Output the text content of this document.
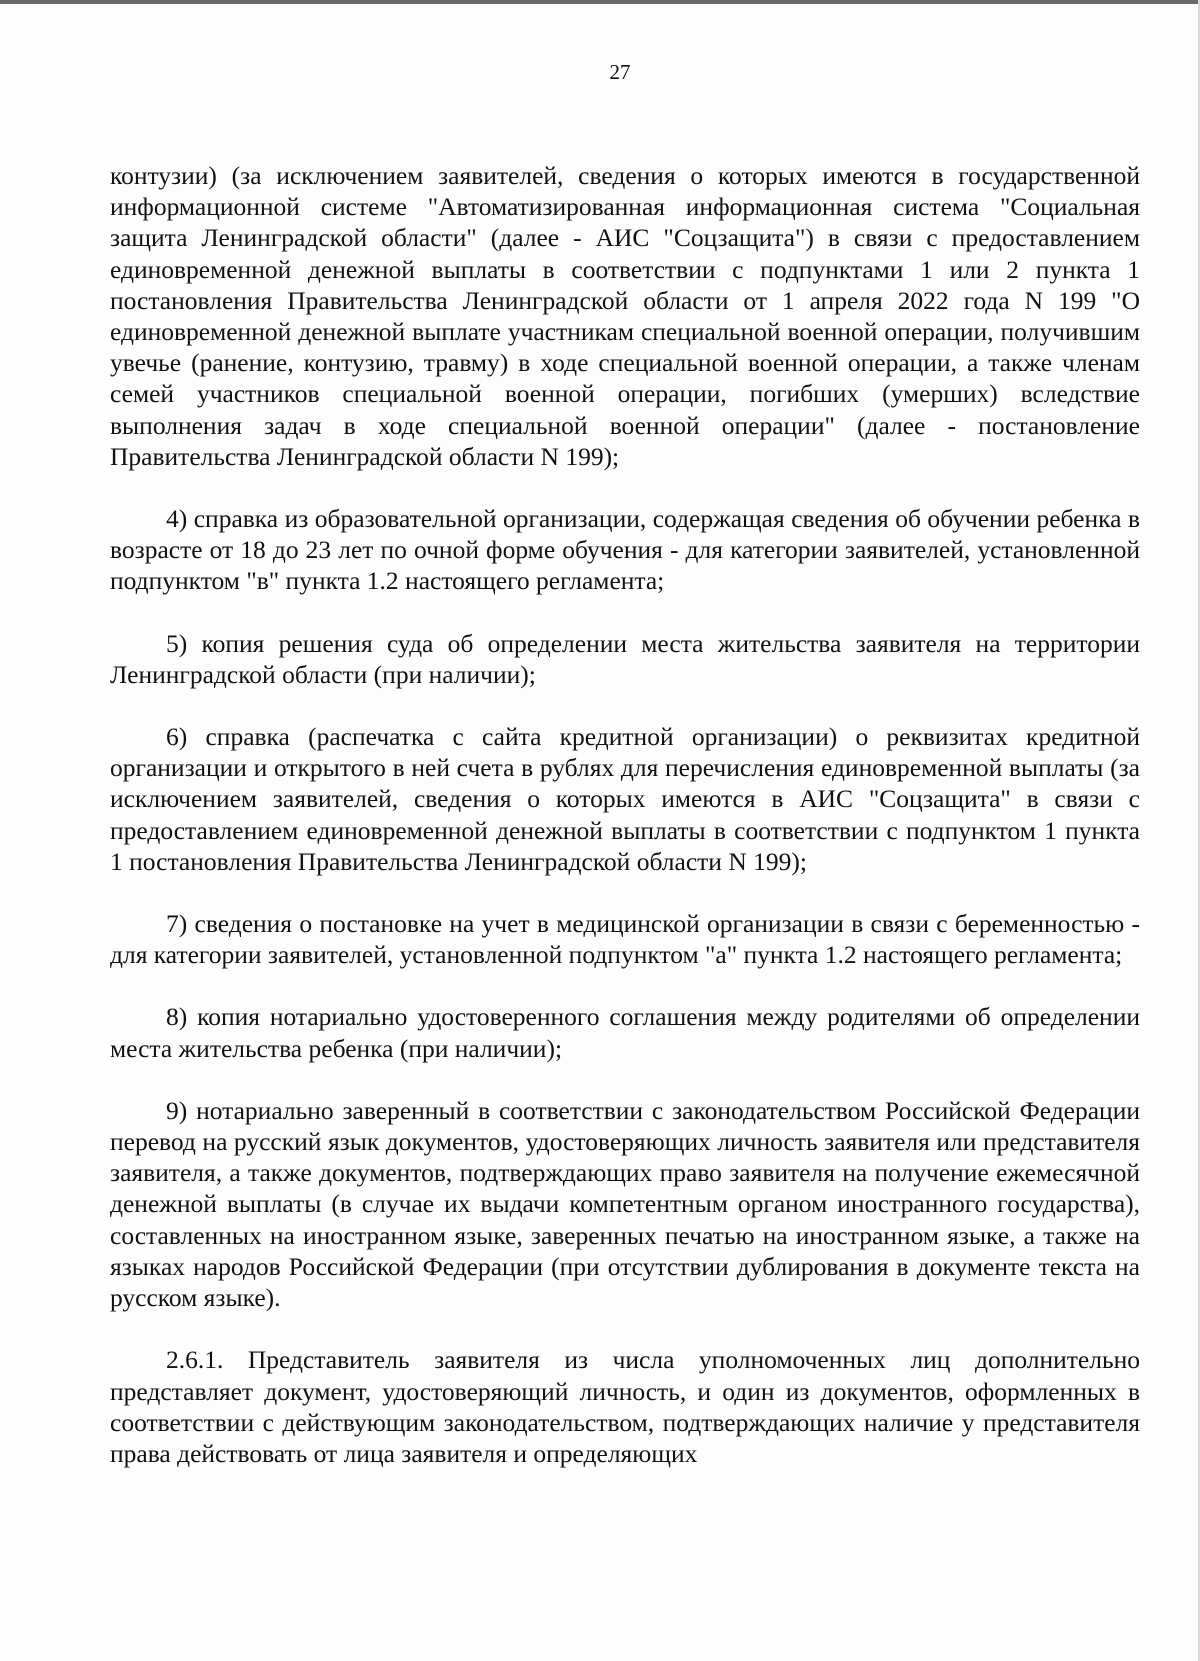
27

контузии) (за исключением заявителей, сведения о которых имеются в государственной информационной системе "Автоматизированная информационная система "Социальная защита Ленинградской области" (далее - АИС "Соцзащита") в связи с предоставлением единовременной денежной выплаты в соответствии с подпунктами 1 или 2 пункта 1 постановления Правительства Ленинградской области от 1 апреля 2022 года N 199 "О единовременной денежной выплате участникам специальной военной операции, получившим увечье (ранение, контузию, травму) в ходе специальной военной операции, а также членам семей участников специальной военной операции, погибших (умерших) вследствие выполнения задач в ходе специальной военной операции" (далее - постановление Правительства Ленинградской области N 199);

4) справка из образовательной организации, содержащая сведения об обучении ребенка в возрасте от 18 до 23 лет по очной форме обучения - для категории заявителей, установленной подпунктом "в" пункта 1.2 настоящего регламента;

5) копия решения суда об определении места жительства заявителя на территории Ленинградской области (при наличии);

6) справка (распечатка с сайта кредитной организации) о реквизитах кредитной организации и открытого в ней счета в рублях для перечисления единовременной выплаты (за исключением заявителей, сведения о которых имеются в АИС "Соцзащита" в связи с предоставлением единовременной денежной выплаты в соответствии с подпунктом 1 пункта 1 постановления Правительства Ленинградской области N 199);

7) сведения о постановке на учет в медицинской организации в связи с беременностью - для категории заявителей, установленной подпунктом "а" пункта 1.2 настоящего регламента;

8) копия нотариально удостоверенного соглашения между родителями об определении места жительства ребенка (при наличии);

9) нотариально заверенный в соответствии с законодательством Российской Федерации перевод на русский язык документов, удостоверяющих личность заявителя или представителя заявителя, а также документов, подтверждающих право заявителя на получение ежемесячной денежной выплаты (в случае их выдачи компетентным органом иностранного государства), составленных на иностранном языке, заверенных печатью на иностранном языке, а также на языках народов Российской Федерации (при отсутствии дублирования в документе текста на русском языке).

2.6.1. Представитель заявителя из числа уполномоченных лиц дополнительно представляет документ, удостоверяющий личность, и один из документов, оформленных в соответствии с действующим законодательством, подтверждающих наличие у представителя права действовать от лица заявителя и определяющих
